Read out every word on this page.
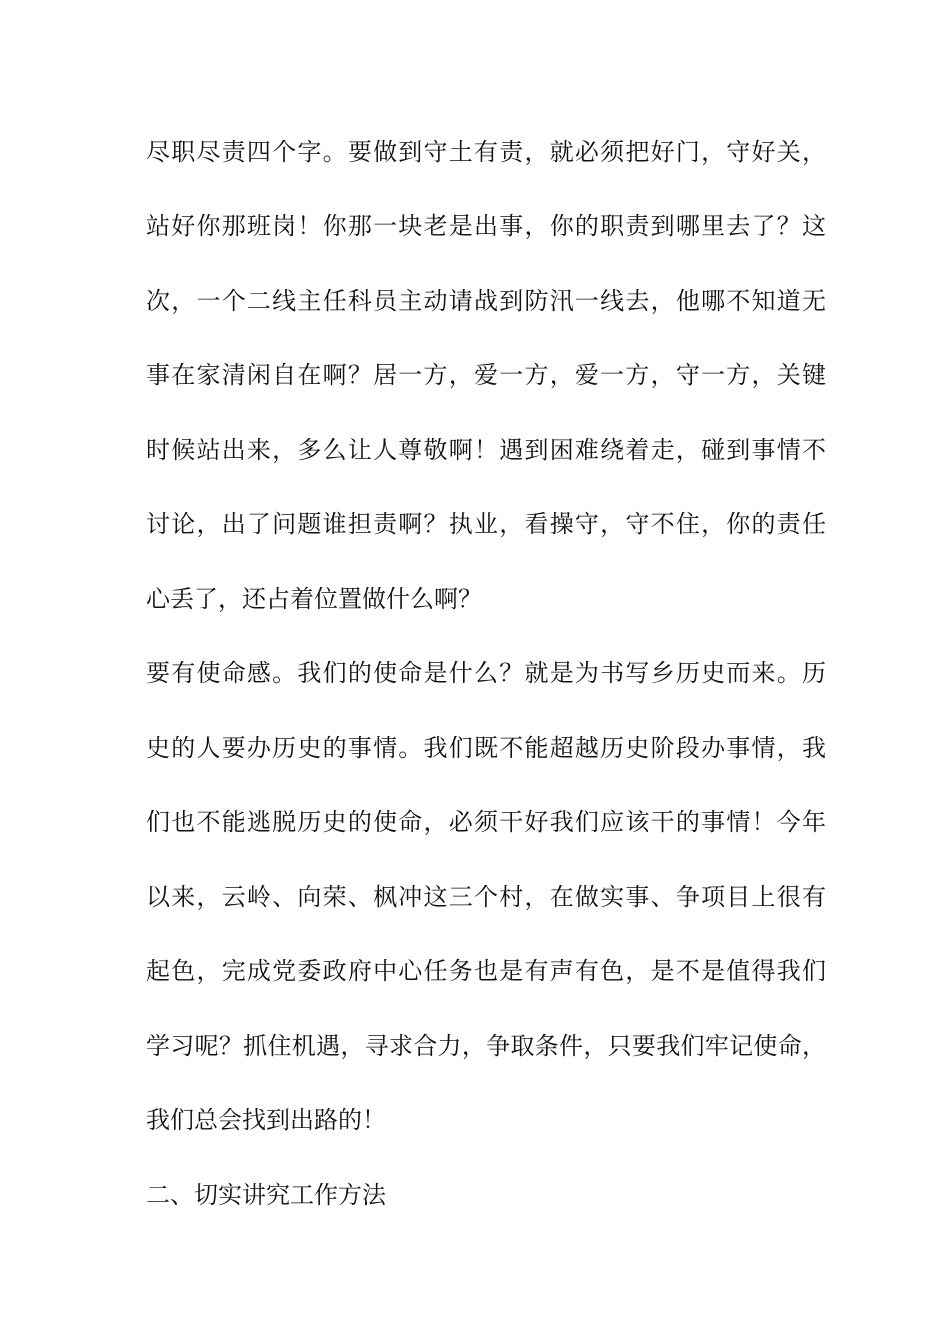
尽职尽责四个字。要做到守土有责，就必须把好门，守好关，
站好你那班岗！你那一块老是出事，你的职责到哪里去了？这
次，一个二线主任科员主动请战到防汛一线去，他哪不知道无
事在家清闲自在啊？居一方，爱一方，爱一方，守一方，关键
时候站出来，多么让人尊敬啊！遇到困难绕着走，碰到事情不
讨论，出了问题谁担责啊？执业，看操守，守不住，你的责任
心丢了，还占着位置做什么啊？
要有使命感。我们的使命是什么？就是为书写乡历史而来。历
史的人要办历史的事情。我们既不能超越历史阶段办事情，我
们也不能逃脱历史的使命，必须干好我们应该干的事情！今年
以来，云岭、向荣、枫冲这三个村，在做实事、争项目上很有
起色，完成党委政府中心任务也是有声有色，是不是值得我们
学习呢？抓住机遇，寻求合力，争取条件，只要我们牢记使命，
我们总会找到出路的！
二、切实讲究工作方法
